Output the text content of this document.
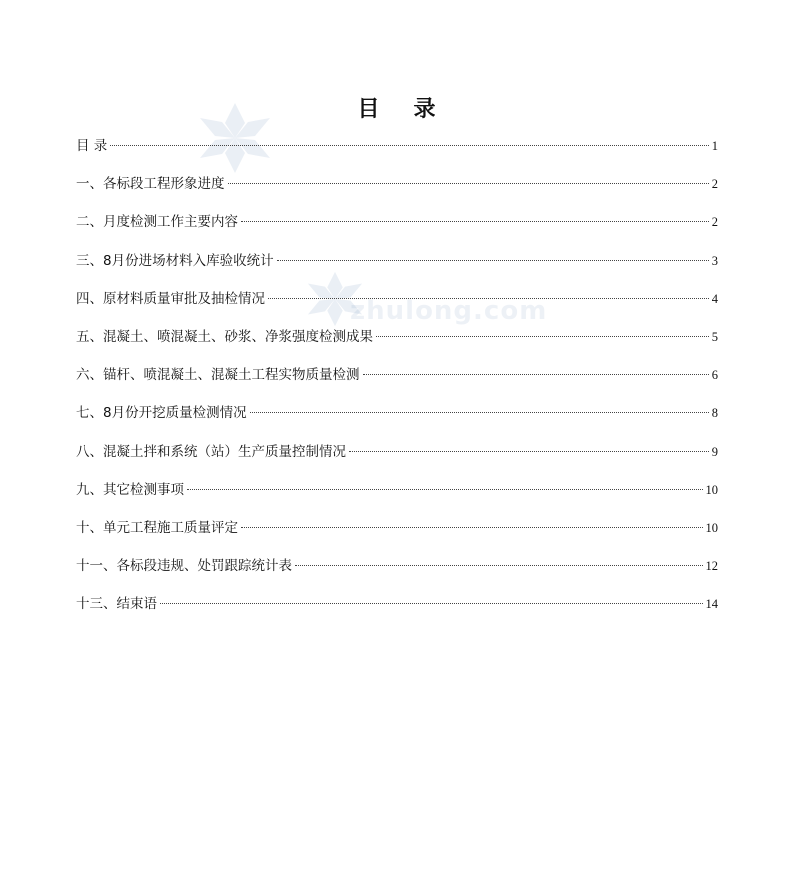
zhulong.com
目 录
目 录	1
一、各标段工程形象进度	2
二、月度检测工作主要内容	2
三、8月份进场材料入库验收统计	3
四、原材料质量审批及抽检情况	4
五、混凝土、喷混凝土、砂浆、净浆强度检测成果	5
六、锚杆、喷混凝土、混凝土工程实物质量检测	6
七、8月份开挖质量检测情况	8
八、混凝土拌和系统（站）生产质量控制情况	9
九、其它检测事项	10
十、单元工程施工质量评定	10
十一、各标段违规、处罚跟踪统计表	12
十三、结束语	14
